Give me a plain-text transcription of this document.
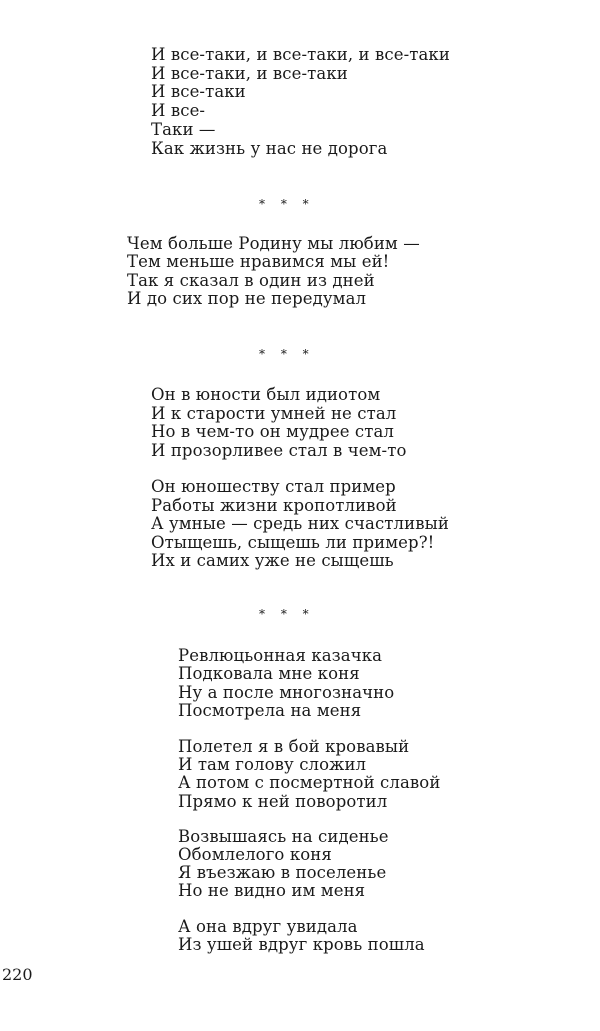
И все-таки, и все-таки, и все-таки
И все-таки, и все-таки
И все-таки
И все-
Таки —
Как жизнь у нас не дорога
* * *
Чем больше Родину мы любим —
Тем меньше нравимся мы ей!
Так я сказал в один из дней
И до сих пор не передумал
* * *
Он в юности был идиотом
И к старости умней не стал
Но в чем-то он мудрее стал
И прозорливее стал в чем-то
Он юношеству стал пример
Работы жизни кропотливой
А умные — средь них счастливый
Отыщешь, сыщешь ли пример?!
Их и самих уже не сыщешь
* * *
Ревлюцьонная казачка
Подковала мне коня
Ну а после многозначно
Посмотрела на меня
Полетел я в бой кровавый
И там голову сложил
А потом с посмертной славой
Прямо к ней поворотил
Возвышаясь на сиденье
Обомлелого коня
Я въезжаю в поселенье
Но не видно им меня
А она вдруг увидала
Из ушей вдруг кровь пошла
220
